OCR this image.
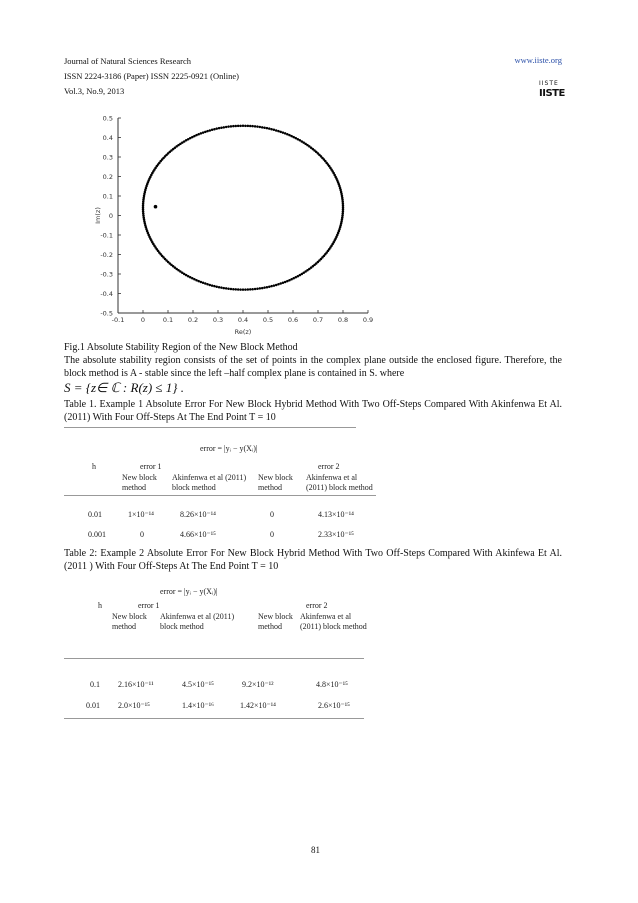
Journal of Natural Sciences Research
ISSN 2224-3186 (Paper) ISSN 2225-0921 (Online)
Vol.3, No.9, 2013
www.iiste.org
IISTE
IISTE
0.5
0.4
0.3
0.2
0.1
0
-0.1
-0.2
-0.3
-0.4
-0.5
-0.1	0	0.1 0.2 0.3 0.4 0.5 0.6 0.7 0.8 0.9
Re(z)
Im(z)
Fig.1 Absolute Stability Region of the New Block Method
The absolute stability region consists of the set of points in the complex plane outside the enclosed figure. Therefore, the block method is A - stable since the left –half complex plane is contained in S. where
S = {z∈ ℂ : R(z) ≤ 1} .
Table 1. Example 1 Absolute Error For New Block Hybrid Method With Two Off-Steps Compared With Akinfenwa Et Al.(2011) With Four Off-Steps At The End Point T = 10
error = |yᵢ − y(Xᵢ)|
h	error 1	error 2
New block method
Akinfenwa et al (2011) block method
New block method
Akinfenwa et al (2011) block method
0.01	1×10⁻¹⁴	8.26×10⁻¹⁴	0	4.13×10⁻¹⁴
0.001	0	4.66×10⁻¹⁵	0	2.33×10⁻¹⁵
Table 2: Example 2 Absolute Error For New Block Hybrid Method With Two Off-Steps Compared With Akinfewa Et Al.(2011 ) With Four Off-Steps At The End Point T = 10
error = |yᵢ − y(Xᵢ)|
h	error 1	error 2
New block method
Akinfenwa et al (2011) block method
New block method
Akinfenwa et al (2011) block method
0.1 2.16×10⁻¹¹	4.5×10⁻¹⁵	9.2×10⁻¹²	4.8×10⁻¹⁵
0.01 2.0×10⁻¹⁵	1.4×10⁻¹⁶	1.42×10⁻¹⁴	2.6×10⁻¹⁵
81
